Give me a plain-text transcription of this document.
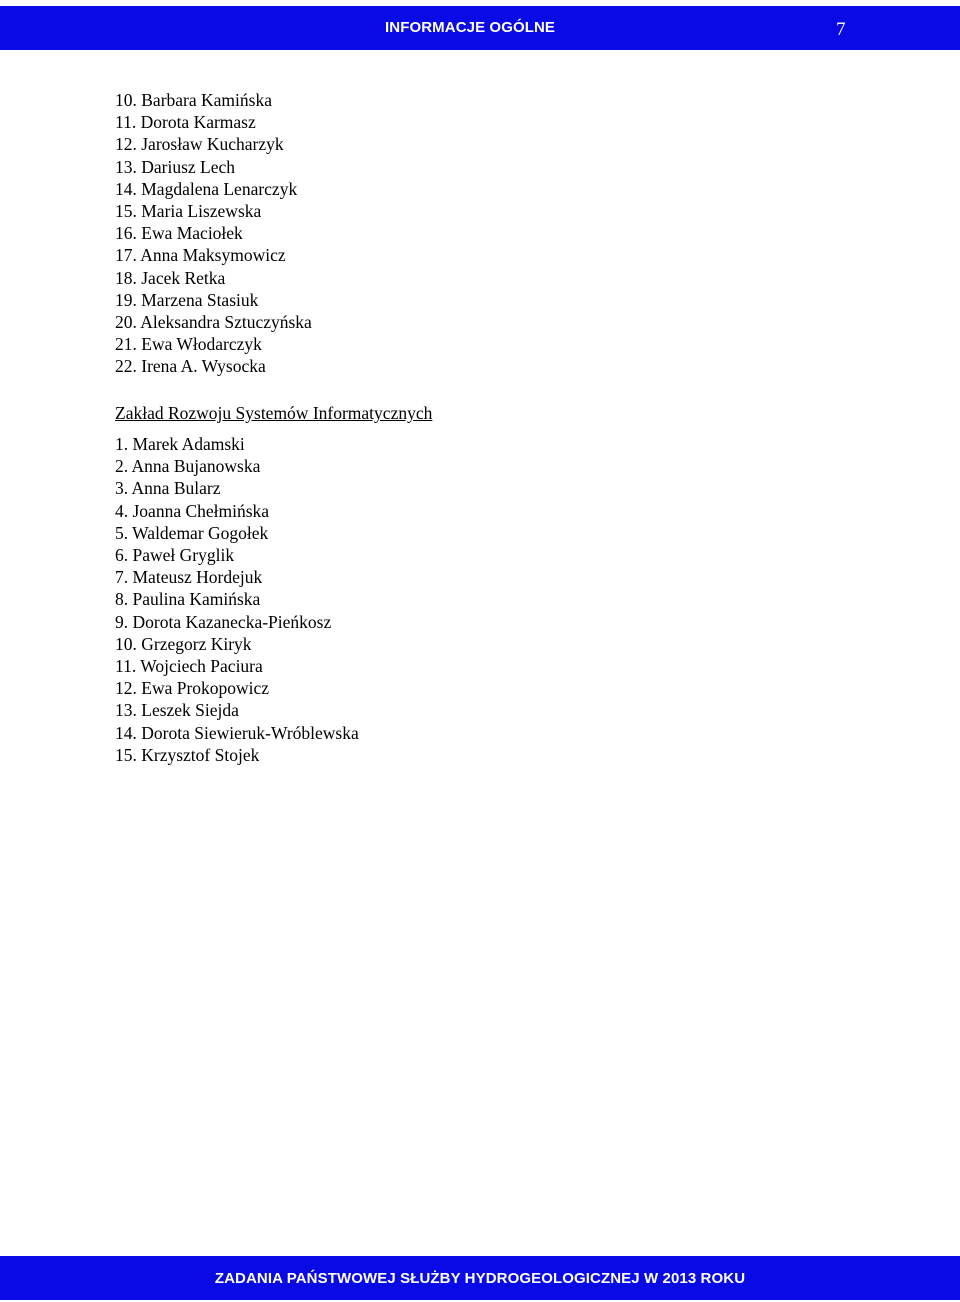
INFORMACJE OGÓLNE	7
10. Barbara Kamińska
11. Dorota Karmasz
12. Jarosław Kucharzyk
13. Dariusz Lech
14. Magdalena Lenarczyk
15. Maria Liszewska
16. Ewa Maciołek
17. Anna Maksymowicz
18. Jacek Retka
19. Marzena Stasiuk
20. Aleksandra Sztuczyńska
21. Ewa Włodarczyk
22. Irena A. Wysocka
Zakład Rozwoju Systemów Informatycznych
1. Marek Adamski
2. Anna Bujanowska
3. Anna Bularz
4. Joanna Chełmińska
5. Waldemar Gogołek
6. Paweł Gryglik
7. Mateusz Hordejuk
8. Paulina Kamińska
9. Dorota Kazanecka-Pieńkosz
10. Grzegorz Kiryk
11. Wojciech Paciura
12. Ewa Prokopowicz
13. Leszek Siejda
14. Dorota Siewieruk-Wróblewska
15. Krzysztof Stojek
ZADANIA PAŃSTWOWEJ SŁUŻBY HYDROGEOLOGICZNEJ W 2013 ROKU
